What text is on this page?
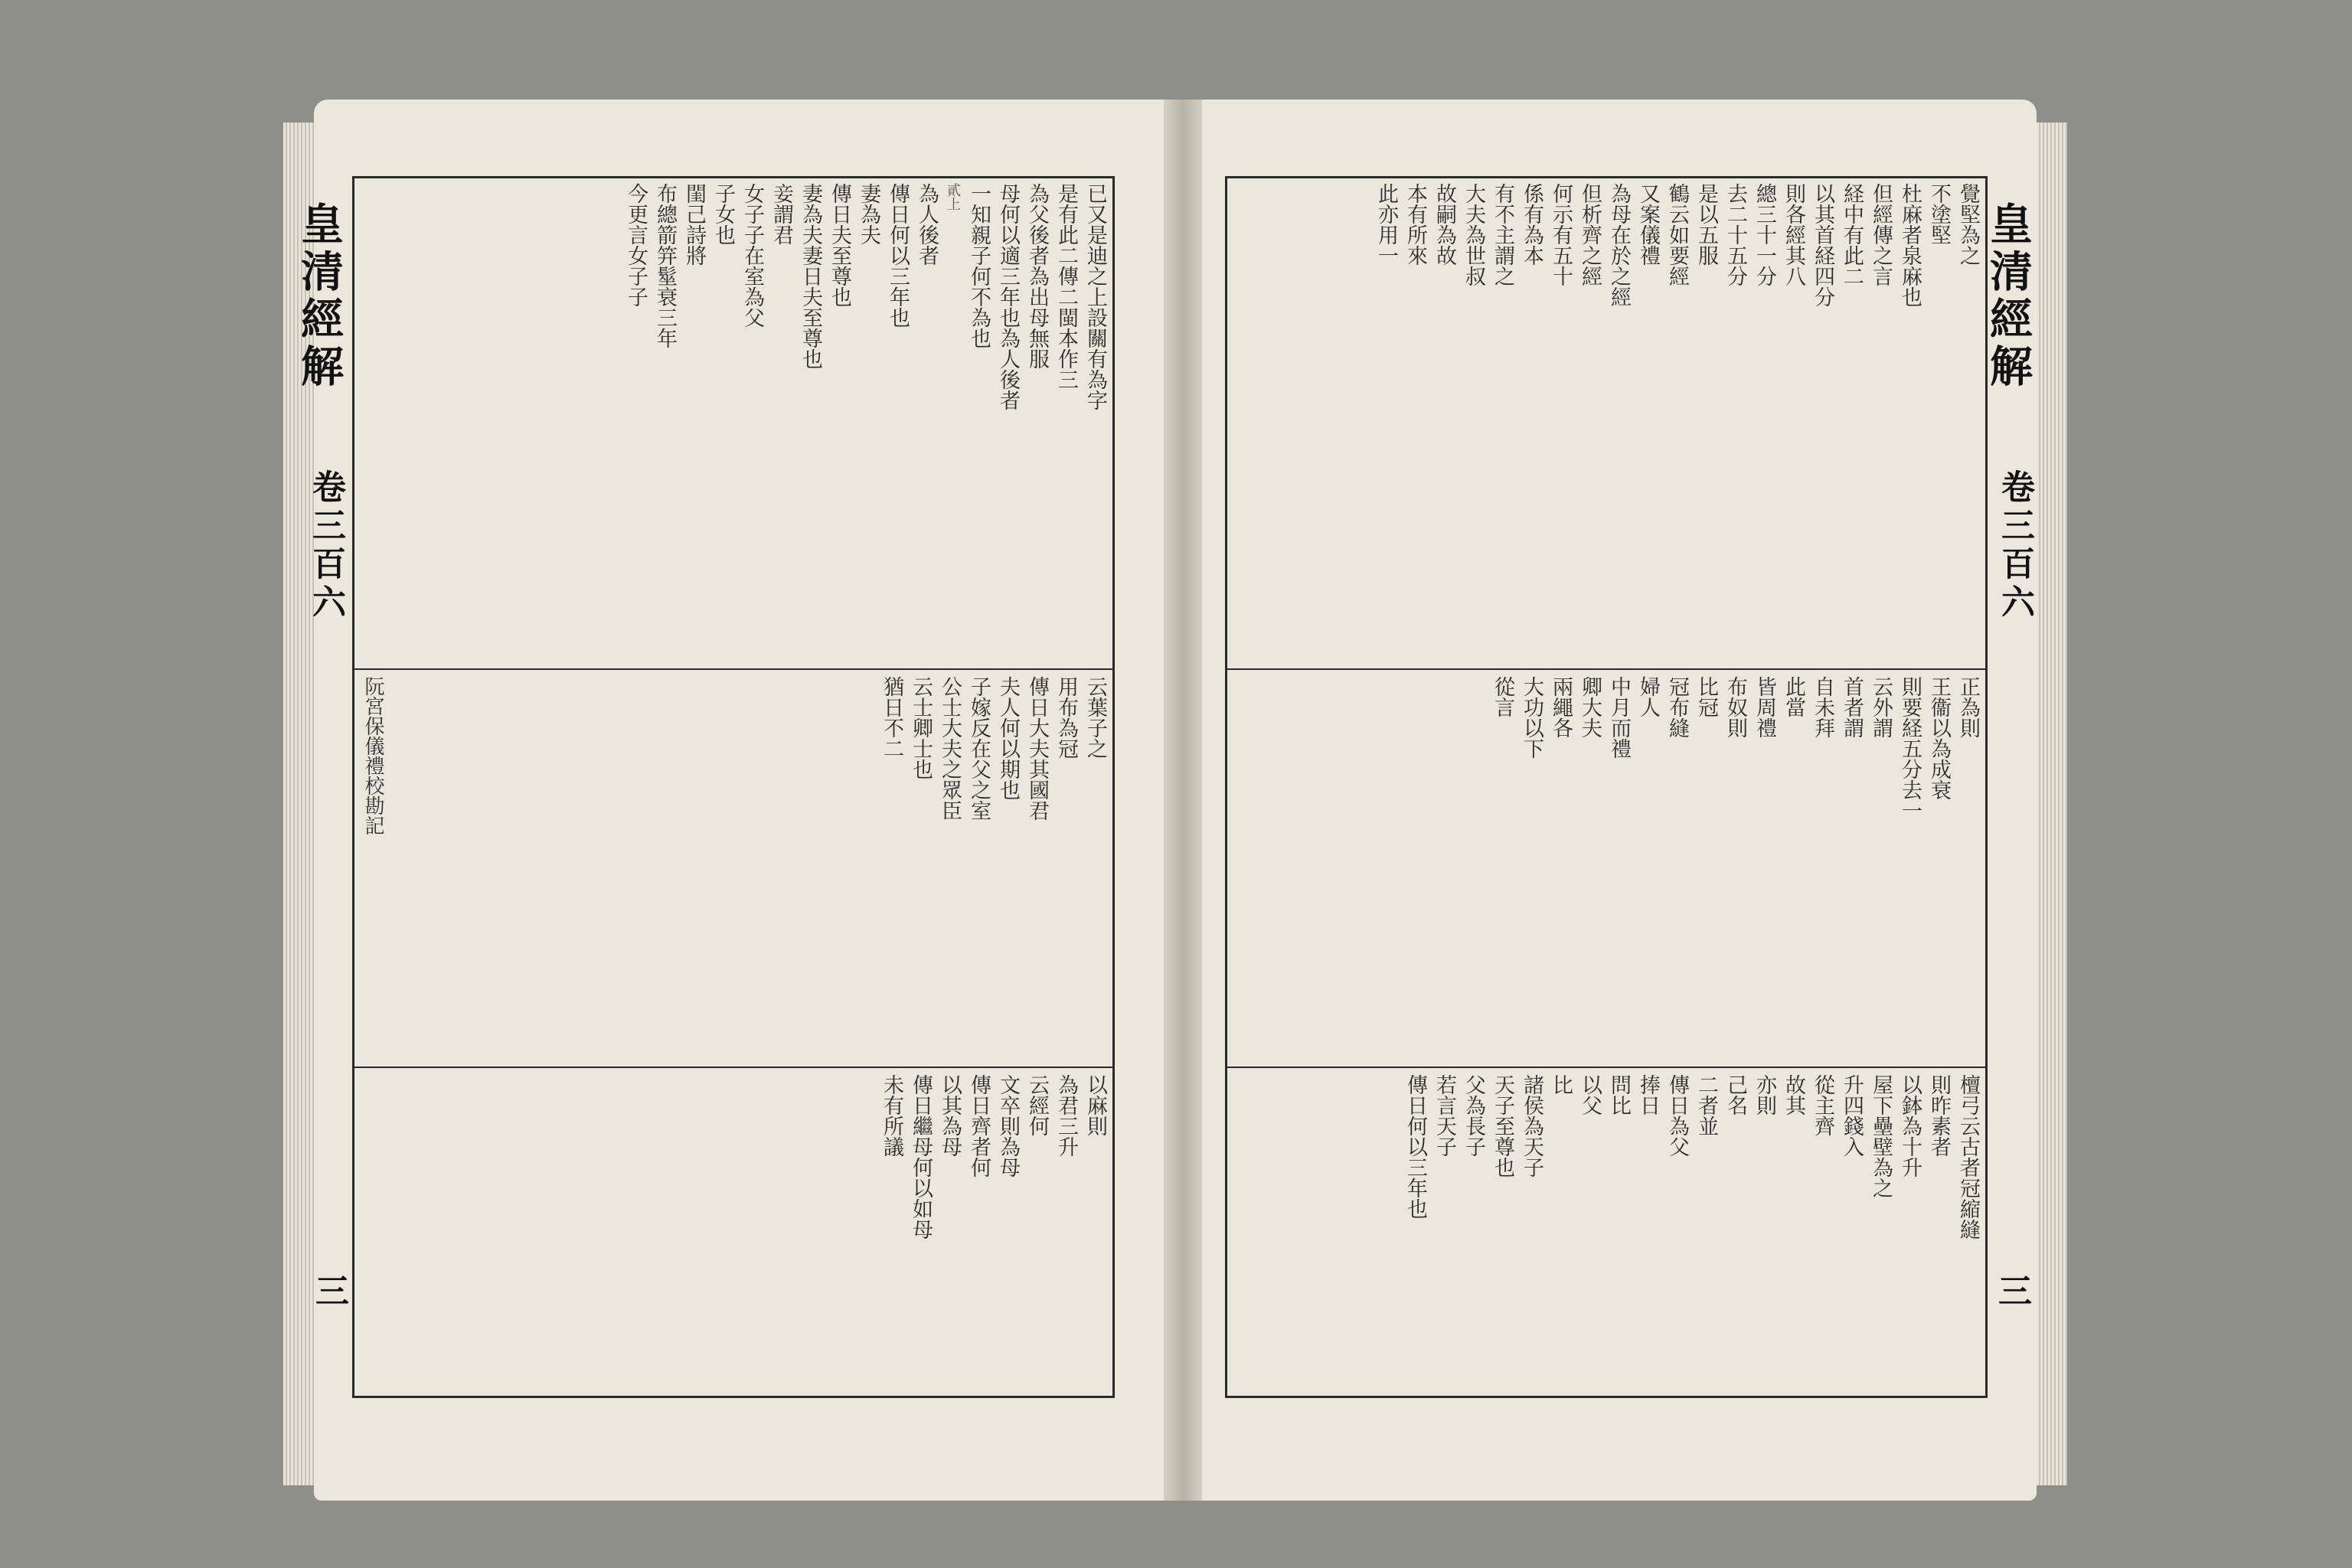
皇清經解
卷三百六
三
已又是迪之上設關有為字
是有此二傳二閩本作三
為父後者為出母無服
母何以適三年也為人後者
一知親子何不為也
貳上
為人後者
傳日何以三年也
妻為夫
傳日夫至尊也
妻為夫妻日夫至尊也
妾謂君
女子子在室為父
子女也
閨己詩將
布總箭笄髽衰三年
今更言女子子
云葉子之
用布為冠
傳日大夫其國君
夫人何以期也
子嫁反在父之室
公士大夫之眾臣
云士卿士也
猶日不二
阮宮保儀禮校勘記
以麻則
為君三升
云經何
文卒則為母
傳日齊者何
以其為母
傳日繼母何以如母
未有所議
皇清經解
卷三百六
三
覺堅為之
不塗堅
杜麻者泉麻也
但經傳之言
経中有此二
以其首経四分
則各經其八
總三十一分
去二十五分
是以五服
鶴云如要經
又案儀禮
為母在於之經
但析齊之經
何示有五十
係有為本
有不主謂之
大夫為世叔
故嗣為故
本有所來
此亦用一
正為則
王衞以為成衰
則要経五分去一
云外謂
首者謂
自未拜
此當
皆周禮
布奴則
比冠
冠布縫
婦人
中月而禮
卿大夫
兩繩各
大功以下
從言
檀弓云古者冠縮縫
則昨素者
以鉢為十升
屋下壘壁為之
升四錢入
從主齊
故其
亦則
己名
二者並
傳日為父
捧日
問比
以父
比
諸侯為天子
天子至尊也
父為長子
若言天子
傳日何以三年也
